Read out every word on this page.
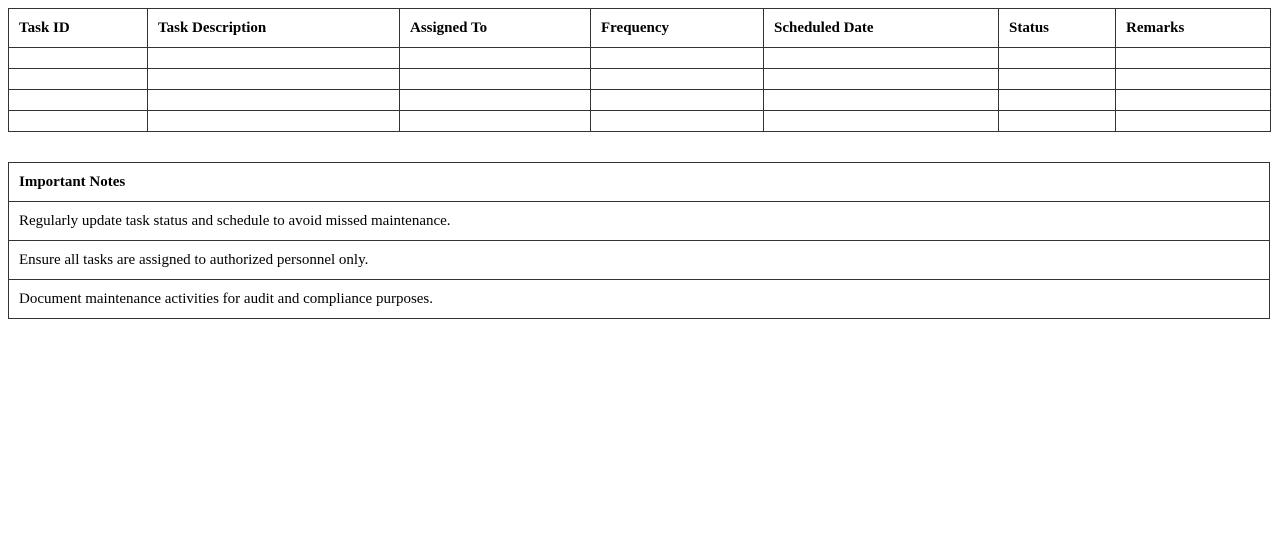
Task ID	Task Description	Assigned To	Frequency	Scheduled Date	Status	Remarks

Important Notes
Regularly update task status and schedule to avoid missed maintenance.
Ensure all tasks are assigned to authorized personnel only.
Document maintenance activities for audit and compliance purposes.
